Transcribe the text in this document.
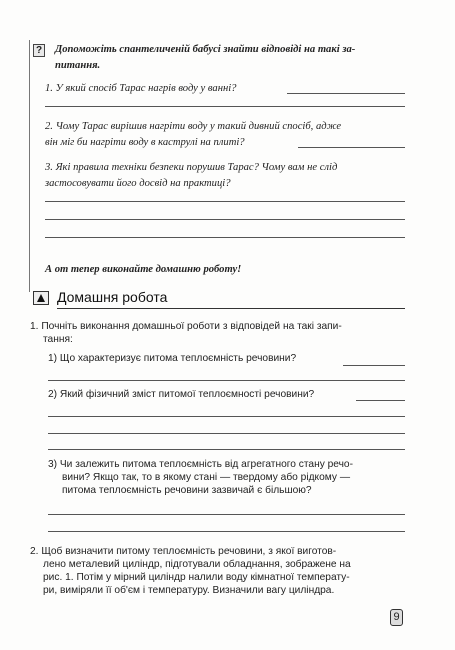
? Допоможіть спантеличеній бабусі знайти відповіді на такі за-
питання.
1. У який спосіб Тарас нагрів воду у ванні?
2. Чому Тарас вирішив нагріти воду у такий дивний спосіб, адже
він міг би нагріти воду в каструлі на плиті?
3. Які правила техніки безпеки порушив Тарас? Чому вам не слід
застосовувати його досвід на практиці?
А от тепер виконайте домашню роботу!
Домашня робота
1. Почніть виконання домашньої роботи з відповідей на такі запи-
тання:
1) Що характеризує питома теплоємність речовини?
2) Який фізичний зміст питомої теплоємності речовини?
3) Чи залежить питома теплоємність від агрегатного стану речо-
вини? Якщо так, то в якому стані — твердому або рідкому —
питома теплоємність речовини зазвичай є більшою?
2. Щоб визначити питому теплоємність речовини, з якої виготов-
лено металевий циліндр, підготували обладнання, зображене на
рис. 1. Потім у мірний циліндр налили воду кімнатної температу-
ри, виміряли її об'єм і температуру. Визначили вагу циліндра.
9
